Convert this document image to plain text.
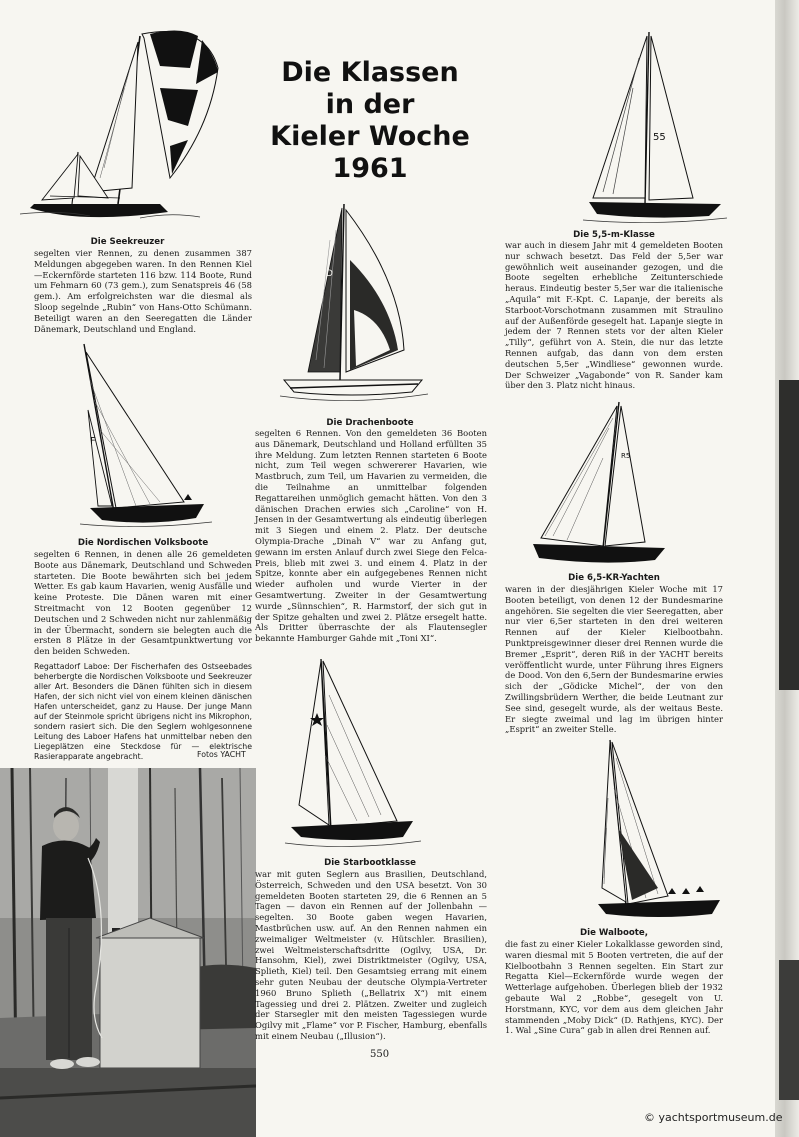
Die Klassen
in der
Kieler Woche
1961
Die Seekreuzer
segelten vier Rennen, zu denen zusammen 387 Meldungen abgegeben waren. In den Rennen Kiel—Eckernförde starteten 116 bzw. 114 Boote, Rund um Fehmarn 60 (73 gem.), zum Senatspreis 46 (58 gem.). Am erfolgreichsten war die diesmal als Sloop segelnde „Rubin“ von Hans-Otto Schümann. Beteiligt waren an den Seeregatten die Länder Dänemark, Deutschland und England.
F
Die Nordischen Volksboote
segelten 6 Rennen, in denen alle 26 gemeldeten Boote aus Dänemark, Deutschland und Schweden starteten. Die Boote bewährten sich bei jedem Wetter. Es gab kaum Havarien, wenig Ausfälle und keine Proteste. Die Dänen waren mit einer Streitmacht von 12 Booten gegenüber 12 Deutschen und 2 Schweden nicht nur zahlenmäßig in der Übermacht, sondern sie belegten auch die ersten 8 Plätze in der Gesamtpunktwertung vor den beiden Schweden.
Regattadorf Laboe: Der Fischerhafen des Ostseebades beherbergte die Nordischen Volksboote und Seekreuzer aller Art. Besonders die Dänen fühlten sich in diesem Hafen, der sich nicht viel von einem kleinen dänischen Hafen unterscheidet, ganz zu Hause. Der junge Mann auf der Steinmole spricht übrigens nicht ins Mikrophon, sondern rasiert sich. Die den Seglern wohlgesonnene Leitung des Laboer Hafens hat unmittelbar neben den Liegeplätzen eine Steckdose für — elektrische Rasierapparate angebracht.	Fotos YACHT
D
Die Drachenboote
segelten 6 Rennen. Von den gemeldeten 36 Booten aus Dänemark, Deutschland und Holland erfüllten 35 ihre Meldung. Zum letzten Rennen starteten 6 Boote nicht, zum Teil wegen schwererer Havarien, wie Mastbruch, zum Teil, um Havarien zu vermeiden, die die Teilnahme an unmittelbar folgenden Regattareihen unmöglich gemacht hätten. Von den 3 dänischen Drachen erwies sich „Caroline“ von H. Jensen in der Gesamtwertung als eindeutig überlegen mit 3 Siegen und einem 2. Platz. Der deutsche Olympia-Drache „Dinah V“ war zu Anfang gut, gewann im ersten Anlauf durch zwei Siege den Felca-Preis, blieb mit zwei 3. und einem 4. Platz in der Spitze, konnte aber ein aufgegebenes Rennen nicht wieder aufholen und wurde Vierter in der Gesamtwertung. Zweiter in der Gesamtwertung wurde „Sünnschien“, R. Harmstorf, der sich gut in der Spitze gehalten und zwei 2. Plätze ersegelt hatte. Als Dritter überraschte der als Flautensegler bekannte Hamburger Gahde mit „Toni XI“.
Die Starbootklasse
war mit guten Seglern aus Brasilien, Deutschland, Österreich, Schweden und den USA besetzt. Von 30 gemeldeten Booten starteten 29, die 6 Rennen an 5 Tagen — davon ein Rennen auf der Jollenbahn — segelten. 30 Boote gaben wegen Havarien, Mastbrüchen usw. auf. An den Rennen nahmen ein zweimaliger Weltmeister (v. Hütschler. Brasilien), zwei Weltmeisterschaftsdritte (Ogilvy, USA, Dr. Hansohm, Kiel), zwei Distriktmeister (Ogilvy, USA, Splieth, Kiel) teil. Den Gesamtsieg errang mit einem sehr guten Neubau der deutsche Olympia-Vertreter 1960 Bruno Splieth („Bellatrix X“) mit einem Tagessieg und drei 2. Plätzen. Zweiter und zugleich der Starsegler mit den meisten Tagessiegen wurde Ogilvy mit „Flame“ vor P. Fischer, Hamburg, ebenfalls mit einem Neubau („Illusion“).
55
Die 5,5-m-Klasse
war auch in diesem Jahr mit 4 gemeldeten Booten nur schwach besetzt. Das Feld der 5,5er war gewöhnlich weit auseinander gezogen, und die Boote segelten erhebliche Zeitunterschiede heraus. Eindeutig bester 5,5er war die italienische „Aquila“ mit F.-Kpt. C. Lapanje, der bereits als Starboot-Vorschotmann zusammen mit Straulino auf der Außenförde gesegelt hat. Lapanje siegte in jedem der 7 Rennen stets vor der alten Kieler „Tilly“, geführt von A. Stein, die nur das letzte Rennen aufgab, das dann von dem ersten deutschen 5,5er „Windliese“ gewonnen wurde. Der Schweizer „Vagabonde“ von R. Sander kam über den 3. Platz nicht hinaus.
R5
Die 6,5-KR-Yachten
waren in der diesjährigen Kieler Woche mit 17 Booten beteiligt, von denen 12 der Bundesmarine angehören. Sie segelten die vier Seeregatten, aber nur vier 6,5er starteten in den drei weiteren Rennen auf der Kieler Kielbootbahn. Punktpreisgewinner dieser drei Rennen wurde die Bremer „Esprit“, deren Riß in der YACHT bereits veröffentlicht wurde, unter Führung ihres Eigners de Dood. Von den 6,5ern der Bundesmarine erwies sich der „Gödicke Michel“, der von den Zwillingsbrüdern Werther, die beide Leutnant zur See sind, gesegelt wurde, als der weitaus Beste. Er siegte zweimal und lag im übrigen hinter „Esprit“ an zweiter Stelle.
Die Walboote,
die fast zu einer Kieler Lokalklasse geworden sind, waren diesmal mit 5 Booten vertreten, die auf der Kielbootbahn 3 Rennen segelten. Ein Start zur Regatta Kiel—Eckernförde wurde wegen der Wetterlage aufgehoben. Überlegen blieb der 1932 gebaute Wal 2 „Robbe“, gesegelt von U. Horstmann, KYC, vor dem aus dem gleichen Jahr stammenden „Moby Dick“ (D. Rathjens, KYC). Der 1. Wal „Sine Cura“ gab in allen drei Rennen auf.
550
© yachtsportmuseum.de
